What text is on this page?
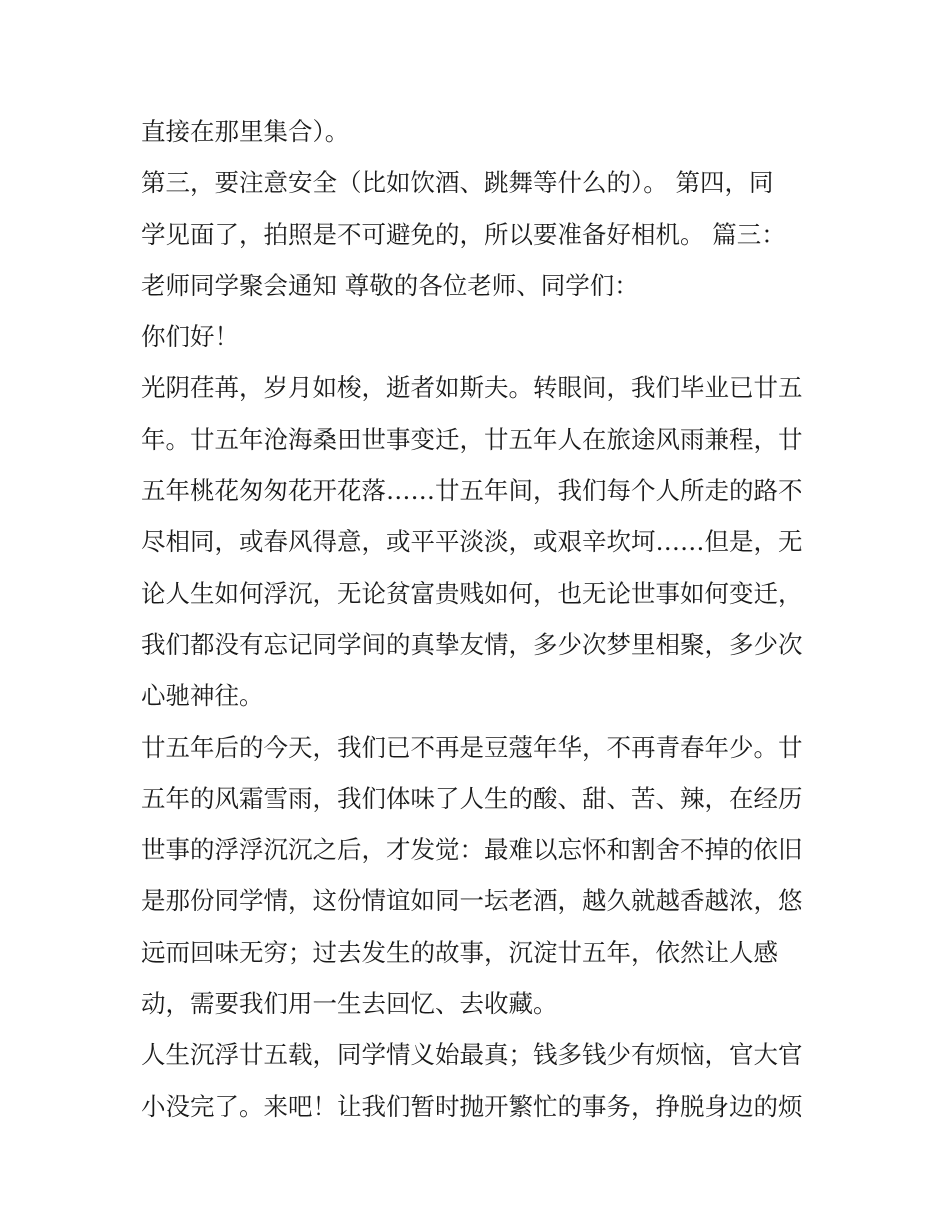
直接在那里集合）。
第三，要注意安全（比如饮酒、跳舞等什么的）。 第四，同
学见面了，拍照是不可避免的，所以要准备好相机。 篇三：
老师同学聚会通知 尊敬的各位老师、同学们：
你们好！
光阴荏苒，岁月如梭，逝者如斯夫。转眼间，我们毕业已廿五
年。廿五年沧海桑田世事变迁，廿五年人在旅途风雨兼程，廿
五年桃花匆匆花开花落……廿五年间，我们每个人所走的路不
尽相同，或春风得意，或平平淡淡，或艰辛坎坷……但是，无
论人生如何浮沉，无论贫富贵贱如何，也无论世事如何变迁，
我们都没有忘记同学间的真挚友情，多少次梦里相聚，多少次
心驰神往。
廿五年后的今天，我们已不再是豆蔻年华，不再青春年少。廿
五年的风霜雪雨，我们体味了人生的酸、甜、苦、辣，在经历
世事的浮浮沉沉之后，才发觉：最难以忘怀和割舍不掉的依旧
是那份同学情，这份情谊如同一坛老酒，越久就越香越浓，悠
远而回味无穷；过去发生的故事，沉淀廿五年，依然让人感
动，需要我们用一生去回忆、去收藏。
人生沉浮廿五载，同学情义始最真；钱多钱少有烦恼，官大官
小没完了。来吧！让我们暂时抛开繁忙的事务，挣脱身边的烦
